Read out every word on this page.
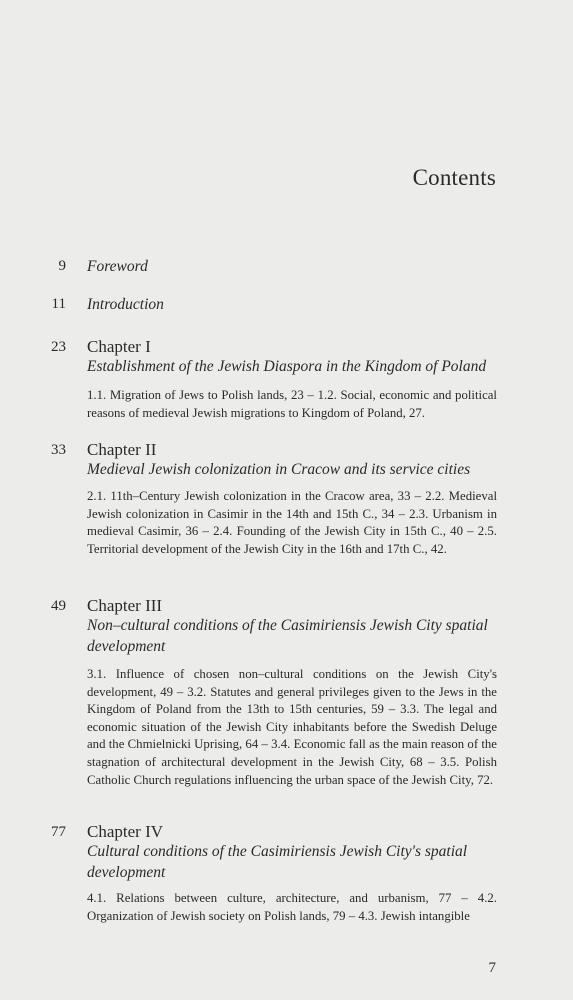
Contents
9 Foreword
11 Introduction
23 Chapter I
Establishment of the Jewish Diaspora in the Kingdom of Poland
1.1. Migration of Jews to Polish lands, 23 – 1.2. Social, economic and political reasons of medieval Jewish migrations to Kingdom of Poland, 27.
33 Chapter II
Medieval Jewish colonization in Cracow and its service cities
2.1. 11th–Century Jewish colonization in the Cracow area, 33 – 2.2. Medieval Jewish colonization in Casimir in the 14th and 15th C., 34 – 2.3. Urbanism in medieval Casimir, 36 – 2.4. Founding of the Jewish City in 15th C., 40 – 2.5. Territorial development of the Jewish City in the 16th and 17th C., 42.
49 Chapter III
Non–cultural conditions of the Casimiriensis Jewish City spatial development
3.1. Influence of chosen non–cultural conditions on the Jewish City's development, 49 – 3.2. Statutes and general privileges given to the Jews in the Kingdom of Poland from the 13th to 15th centuries, 59 – 3.3. The legal and economic situation of the Jewish City inhabitants before the Swedish Deluge and the Chmielnicki Uprising, 64 – 3.4. Economic fall as the main reason of the stagnation of architectural development in the Jewish City, 68 – 3.5. Polish Catholic Church regulations influencing the urban space of the Jewish City, 72.
77 Chapter IV
Cultural conditions of the Casimiriensis Jewish City's spatial development
4.1. Relations between culture, architecture, and urbanism, 77 – 4.2. Organization of Jewish society on Polish lands, 79 – 4.3. Jewish intangible
7
